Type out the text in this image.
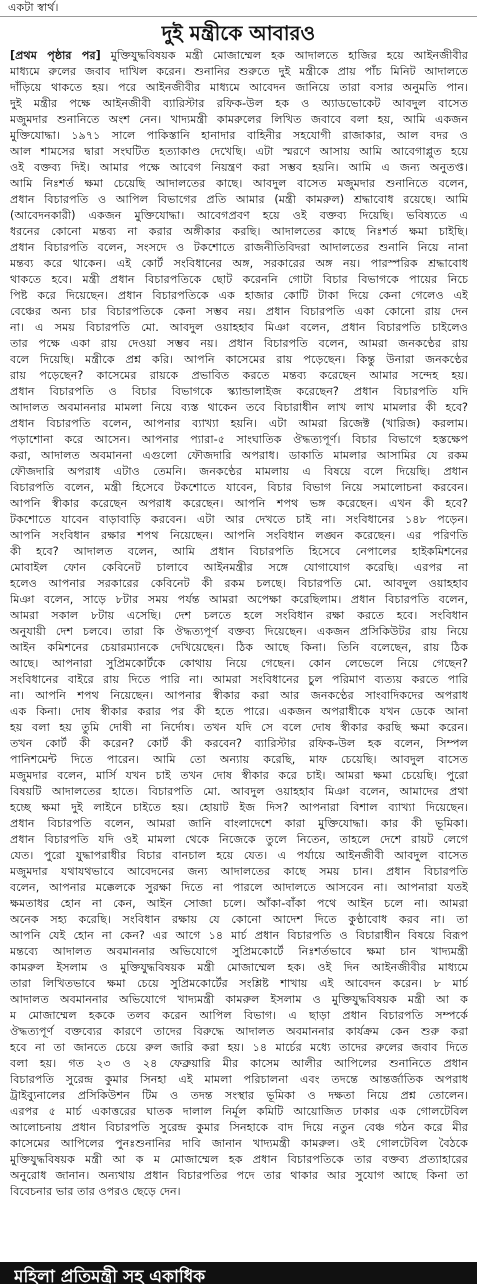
একটা স্বার্থ।
দুই মন্ত্রীকে আবারও
[প্রথম পৃষ্ঠার পর] মুক্তিযুদ্ধবিষয়ক মন্ত্রী মোজাম্মেল হক আদালতে হাজির হয়ে আইনজীবীর
মাধ্যমে রুলের জবাব দাখিল করেন। শুনানির শুরুতে দুই মন্ত্রীকে প্রায় পাঁচ মিনিট আদালতে
দাঁড়িয়ে থাকতে হয়। পরে আইনজীবীর মাধ্যমে আবেদন জানিয়ে তারা বসার অনুমতি পান।
দুই মন্ত্রীর পক্ষে আইনজীবী ব্যারিস্টার রফিক-উল হক ও অ্যাডভোকেট আবদুল বাসেত
মজুমদার শুনানিতে অংশ নেন। খাদ্যমন্ত্রী কামরুলের লিখিত জবাবে বলা হয়, আমি একজন
মুক্তিযোদ্ধা। ১৯৭১ সালে পাকিস্তানি হানাদার বাহিনীর সহযোগী রাজাকার, আল বদর ও
আল শামসের দ্বারা সংঘটিত হত্যাকাণ্ড দেখেছি। এটা স্মরণে আসায় আমি আবেগাপ্লুত হয়ে
ওই বক্তব্য দিই। আমার পক্ষে আবেগ নিয়ন্ত্রণ করা সম্ভব হয়নি। আমি এ জন্য অনুতপ্ত।
আমি নিঃশর্ত ক্ষমা চেয়েছি আদালতের কাছে। আবদুল বাসেত মজুমদার শুনানিতে বলেন,
প্রধান বিচারপতি ও আপিল বিভাগের প্রতি আমার (মন্ত্রী কামরুল) শ্রদ্ধাবোধ রয়েছে। আমি
(আবেদনকারী) একজন মুক্তিযোদ্ধা। আবেগপ্রবণ হয়ে ওই বক্তব্য দিয়েছি। ভবিষ্যতে এ
ধরনের কোনো মন্তব্য না করার অঙ্গীকার করছি। আদালতের কাছে নিঃশর্ত ক্ষমা চাইছি।
প্রধান বিচারপতি বলেন, সংসদে ও টকশোতে রাজনীতিবিদরা আদালতের শুনানি নিয়ে নানা
মন্তব্য করে থাকেন। এই কোর্ট সংবিধানের অঙ্গ, সরকারের অঙ্গ নয়। পারস্পরিক শ্রদ্ধাবোধ
থাকতে হবে। মন্ত্রী প্রধান বিচারপতিকে ছোট করেননি গোটা বিচার বিভাগকে পায়ের নিচে
পিষ্ট করে দিয়েছেন। প্রধান বিচারপতিকে এক হাজার কোটি টাকা দিয়ে কেনা গেলেও এই
বেঞ্চের অন্য চার বিচারপতিকে কেনা সম্ভব নয়। প্রধান বিচারপতি একা কোনো রায় দেন
না। এ সময় বিচারপতি মো. আবদুল ওয়াহহাব মিঞা বলেন, প্রধান বিচারপতি চাইলেও
তার পক্ষে একা রায় দেওয়া সম্ভব নয়। প্রধান বিচারপতি বলেন, আমরা জনকণ্ঠের রায়
বলে দিয়েছি। মন্ত্রীকে প্রশ্ন করি। আপনি কাসেমের রায় পড়েছেন। কিন্তু উনারা জনকণ্ঠের
রায় পড়েছেন? কাসেমের রায়কে প্রভাবিত করতে মন্তব্য করেছেন আমার সন্দেহ হয়।
প্রধান বিচারপতি ও বিচার বিভাগকে স্ক্যান্ডালাইজ করেছেন? প্রধান বিচারপতি যদি
আদালত অবমাননার মামলা নিয়ে ব্যস্ত থাকেন তবে বিচারাধীন লাখ লাখ মামলার কী হবে?
প্রধান বিচারপতি বলেন, আপনার ব্যাখ্যা হয়নি। এটা আমরা রিজেক্ট (খারিজ) করলাম।
পড়াশোনা করে আসেন। আপনার প্যারা-৫ সাংঘাতিক ঔদ্ধত্যপূর্ণ। বিচার বিভাগে হস্তক্ষেপ
করা, আদালত অবমাননা এগুলো ফৌজদারি অপরাধ। ডাকাতি মামলার আসামির যে রকম
ফৌজদারি অপরাধ এটাও তেমনি। জনকণ্ঠের মামলায় এ বিষয়ে বলে দিয়েছি। প্রধান
বিচারপতি বলেন, মন্ত্রী হিসেবে টকশোতে যাবেন, বিচার বিভাগ নিয়ে সমালোচনা করবেন।
আপনি স্বীকার করেছেন অপরাধ করেছেন। আপনি শপথ ভঙ্গ করেছেন। এখন কী হবে?
টকশোতে যাবেন বাড়াবাড়ি করবেন। এটা আর দেখতে চাই না। সংবিধানের ১৪৮ পড়েন।
আপনি সংবিধান রক্ষার শপথ নিয়েছেন। আপনি সংবিধান লঙ্ঘন করেছেন। এর পরিণতি
কী হবে? আদালত বলেন, আমি প্রধান বিচারপতি হিসেবে নেপালের হাইকমিশনের
মোবাইল ফোন কেবিনেট চালাবে আইনমন্ত্রীর সঙ্গে যোগাযোগ করেছি। এরপর না
হলেও আপনার সরকারের কেবিনেট কী রকম চলছে। বিচারপতি মো. আবদুল ওয়াহহাব
মিঞা বলেন, সাড়ে ৮টার সময় পর্যন্ত আমরা অপেক্ষা করেছিলাম। প্রধান বিচারপতি বলেন,
আমরা সকাল ৮টায় এসেছি। দেশ চলতে হলে সংবিধান রক্ষা করতে হবে। সংবিধান
অনুযায়ী দেশ চলবে। তারা কি ঔদ্ধত্যপূর্ণ বক্তব্য দিয়েছেন। একজন প্রসিকিউটর রায় নিয়ে
আইন কমিশনের চেয়ারম্যানকে দেখিয়েছেন। ঠিক আছে কিনা। তিনি বলেছেন, রায় ঠিক
আছে। আপনারা সুপ্রিমকোর্টকে কোথায় নিয়ে গেছেন। কোন লেভেলে নিয়ে গেছেন?
সংবিধানের বাইরে রায় দিতে পারি না। আমরা সংবিধানের চুল পরিমাণ ব্যত্যয় করতে পারি
না। আপনি শপথ নিয়েছেন। আপনার স্বীকার করা আর জনকণ্ঠের সাংবাদিকদের অপরাধ
এক কিনা। দোষ স্বীকার করার পর কী হতে পারে। একজন অপরাধীকে যখন ডেকে আনা
হয় বলা হয় তুমি দোষী না নির্দোষ। তখন যদি সে বলে দোষ স্বীকার করছি ক্ষমা করেন।
তখন কোর্ট কী করেন? কোর্ট কী করবেন? ব্যারিস্টার রফিক-উল হক বলেন, সিম্পল
পানিশমেন্ট দিতে পারেন। আমি তো অন্যায় করেছি, মাফ চেয়েছি। আবদুল বাসেত
মজুমদার বলেন, মার্সি যখন চাই তখন দোষ স্বীকার করে চাই। আমরা ক্ষমা চেয়েছি। পুরো
বিষয়টি আদালতের হাতে। বিচারপতি মো. আবদুল ওয়াহহাব মিঞা বলেন, আমাদের প্রথা
হচ্ছে ক্ষমা দুই লাইনে চাইতে হয়। হোয়াট ইজ দিস? আপনারা বিশাল ব্যাখ্যা দিয়েছেন।
প্রধান বিচারপতি বলেন, আমরা জানি বাংলাদেশে কারা মুক্তিযোদ্ধা। কার কী ভূমিকা।
প্রধান বিচারপতি যদি ওই মামলা থেকে নিজেকে তুলে নিতেন, তাহলে দেশে রায়ট লেগে
যেত। পুরো যুদ্ধাপরাধীর বিচার বানচাল হয়ে যেত। এ পর্যায়ে আইনজীবী আবদুল বাসেত
মজুমদার যথাযথভাবে আবেদনের জন্য আদালতের কাছে সময় চান। প্রধান বিচারপতি
বলেন, আপনার মক্কেলকে সুরক্ষা দিতে না পারলে আদালতে আসবেন না। আপনারা যতই
ক্ষমতাধর হোন না কেন, আইন সোজা চলে। আঁকা-বাঁকা পথে আইন চলে না। আমরা
অনেক সহ্য করেছি। সংবিধান রক্ষায় যে কোনো আদেশ দিতে কুণ্ঠাবোধ করব না। তা
আপনি যেই হোন না কেন? এর আগে ১৪ মার্চ প্রধান বিচারপতি ও বিচারাধীন বিষয়ে বিরূপ
মন্তব্যে আদালত অবমাননার অভিযোগে সুপ্রিমকোর্টে নিঃশর্তভাবে ক্ষমা চান খাদ্যমন্ত্রী
কামরুল ইসলাম ও মুক্তিযুদ্ধবিষয়ক মন্ত্রী মোজাম্মেল হক। ওই দিন আইনজীবীর মাধ্যমে
তারা লিখিতভাবে ক্ষমা চেয়ে সুপ্রিমকোর্টের সংশ্লিষ্ট শাখায় এই আবেদন করেন। ৮ মার্চ
আদালত অবমাননার অভিযোগে খাদ্যমন্ত্রী কামরুল ইসলাম ও মুক্তিযুদ্ধবিষয়ক মন্ত্রী আ ক
ম মোজাম্মেল হককে তলব করেন আপিল বিভাগ। এ ছাড়া প্রধান বিচারপতি সম্পর্কে
ঔদ্ধত্যপূর্ণ বক্তব্যের কারণে তাদের বিরুদ্ধে আদালত অবমাননার কার্যক্রম কেন শুরু করা
হবে না তা জানতে চেয়ে রুল জারি করা হয়। ১৪ মার্চের মধ্যে তাদের রুলের জবাব দিতে
বলা হয়। গত ২৩ ও ২৪ ফেব্রুয়ারি মীর কাসেম আলীর আপিলের শুনানিতে প্রধান
বিচারপতি সুরেন্দ্র কুমার সিনহা এই মামলা পরিচালনা এবং তদন্তে আন্তর্জাতিক অপরাধ
ট্রাইব্যুনালের প্রসিকিউশন টিম ও তদন্ত সংস্থার ভূমিকা ও দক্ষতা নিয়ে প্রশ্ন তোলেন।
এরপর ৫ মার্চ একাত্তরের ঘাতক দালাল নির্মূল কমিটি আয়োজিত ঢাকার এক গোলটেবিল
আলোচনায় প্রধান বিচারপতি সুরেন্দ্র কুমার সিনহাকে বাদ দিয়ে নতুন বেঞ্চ গঠন করে মীর
কাসেমের আপিলের পুনঃশুনানির দাবি জানান খাদ্যমন্ত্রী কামরুল। ওই গোলটেবিল বৈঠকে
মুক্তিযুদ্ধবিষয়ক মন্ত্রী আ ক ম মোজাম্মেল হক প্রধান বিচারপতিকে তার বক্তব্য প্রত্যাহারের
অনুরোধ জানান। অন্যথায় প্রধান বিচারপতির পদে তার থাকার আর সুযোগ আছে কিনা তা
বিবেচনার ভার তার ওপরও ছেড়ে দেন।
মহিলা প্রতিমন্ত্রী সহ একাধিক
